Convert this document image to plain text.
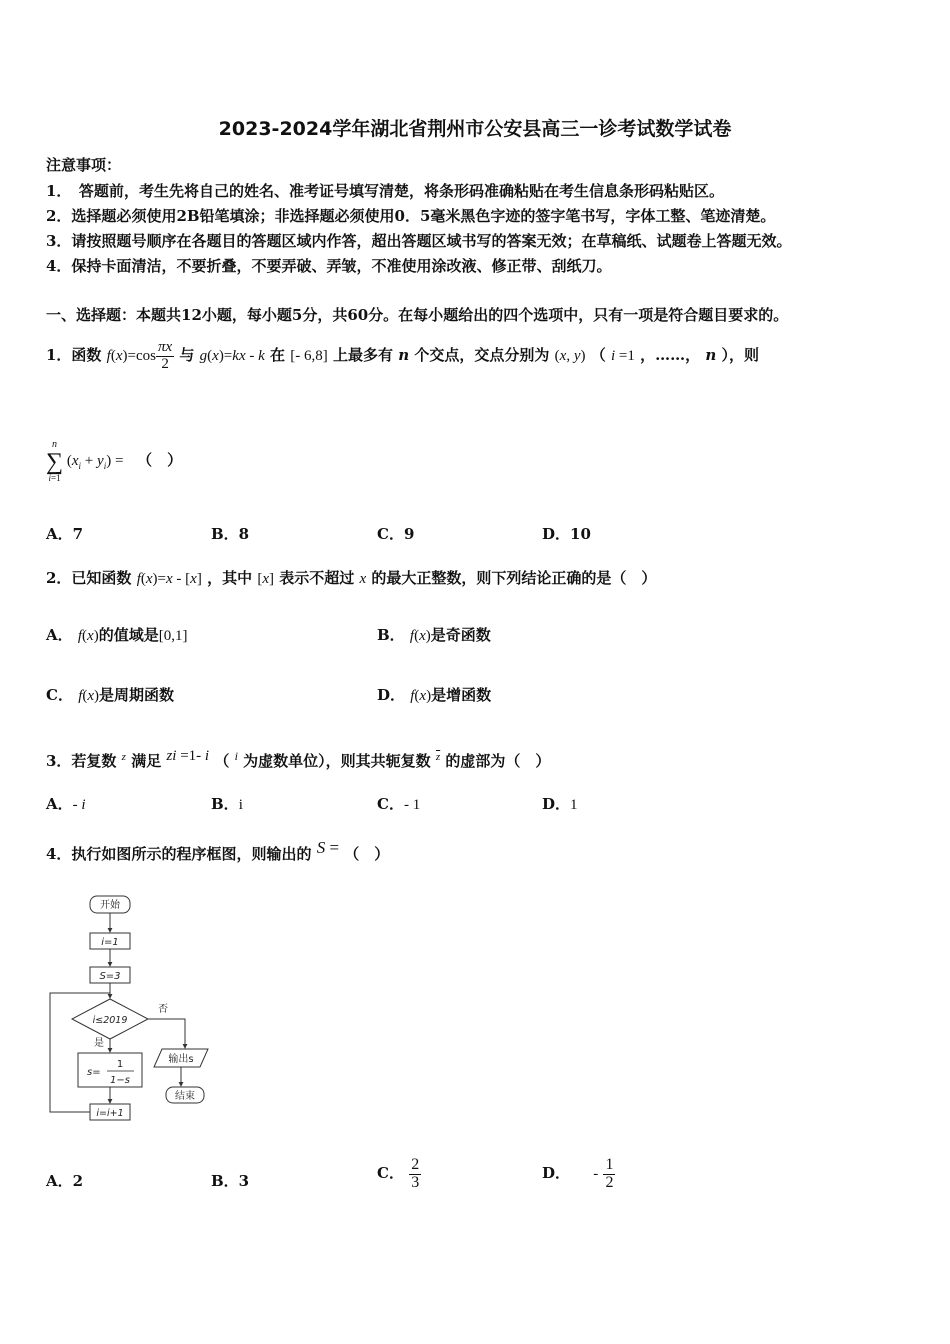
2023-2024学年湖北省荆州市公安县高三一诊考试数学试卷
注意事项：
1．　答题前，考生先将自己的姓名、准考证号填写清楚，将条形码准确粘贴在考生信息条形码粘贴区。
2．选择题必须使用2B铅笔填涂；非选择题必须使用0．5毫米黑色字迹的签字笔书写，字体工整、笔迹清楚。
3．请按照题号顺序在各题目的答题区域内作答，超出答题区域书写的答案无效；在草稿纸、试题卷上答题无效。
4．保持卡面清洁，不要折叠，不要弄破、弄皱，不准使用涂改液、修正带、刮纸刀。
一、选择题：本题共12小题，每小题5分，共60分。在每小题给出的四个选项中，只有一项是符合题目要求的。
1．函数 $f(x)=\cos \frac{\pi x}{2}$ 与 g(x)=kx - k 在 [- 6,8] 上最多有 n 个交点，交点分别为 (x, y) （ i =1 ，……， n ），则
n
∑
i=1
$(x_i + y_i)$ = （　）
A．7	B．8	C．9	D．10
2．已知函数 f(x)=x - [x] ，其中 [x] 表示不超过 x 的最大正整数，则下列结论正确的是（　）
A． f(x)的值域是[0,1]	B． f(x)是奇函数
C． f(x)是周期函数	D． f(x)是增函数
3．若复数 $^z$ 满足 zi =1- i （ $^i$ 为虚数单位），则其共轭复数 $^{\overline{z}}$ 的虚部为（　）
A．- i	B．i	C．- 1	D．1
4．执行如图所示的程序框图，则输出的 S = （　）
开始
i=1
S=3
i≤2019
否
是
s=
1
1−s
输出s
结束
i=i+1
A．2	B．3	C． $\frac{2}{3}$	D． - $\frac{1}{2}$
